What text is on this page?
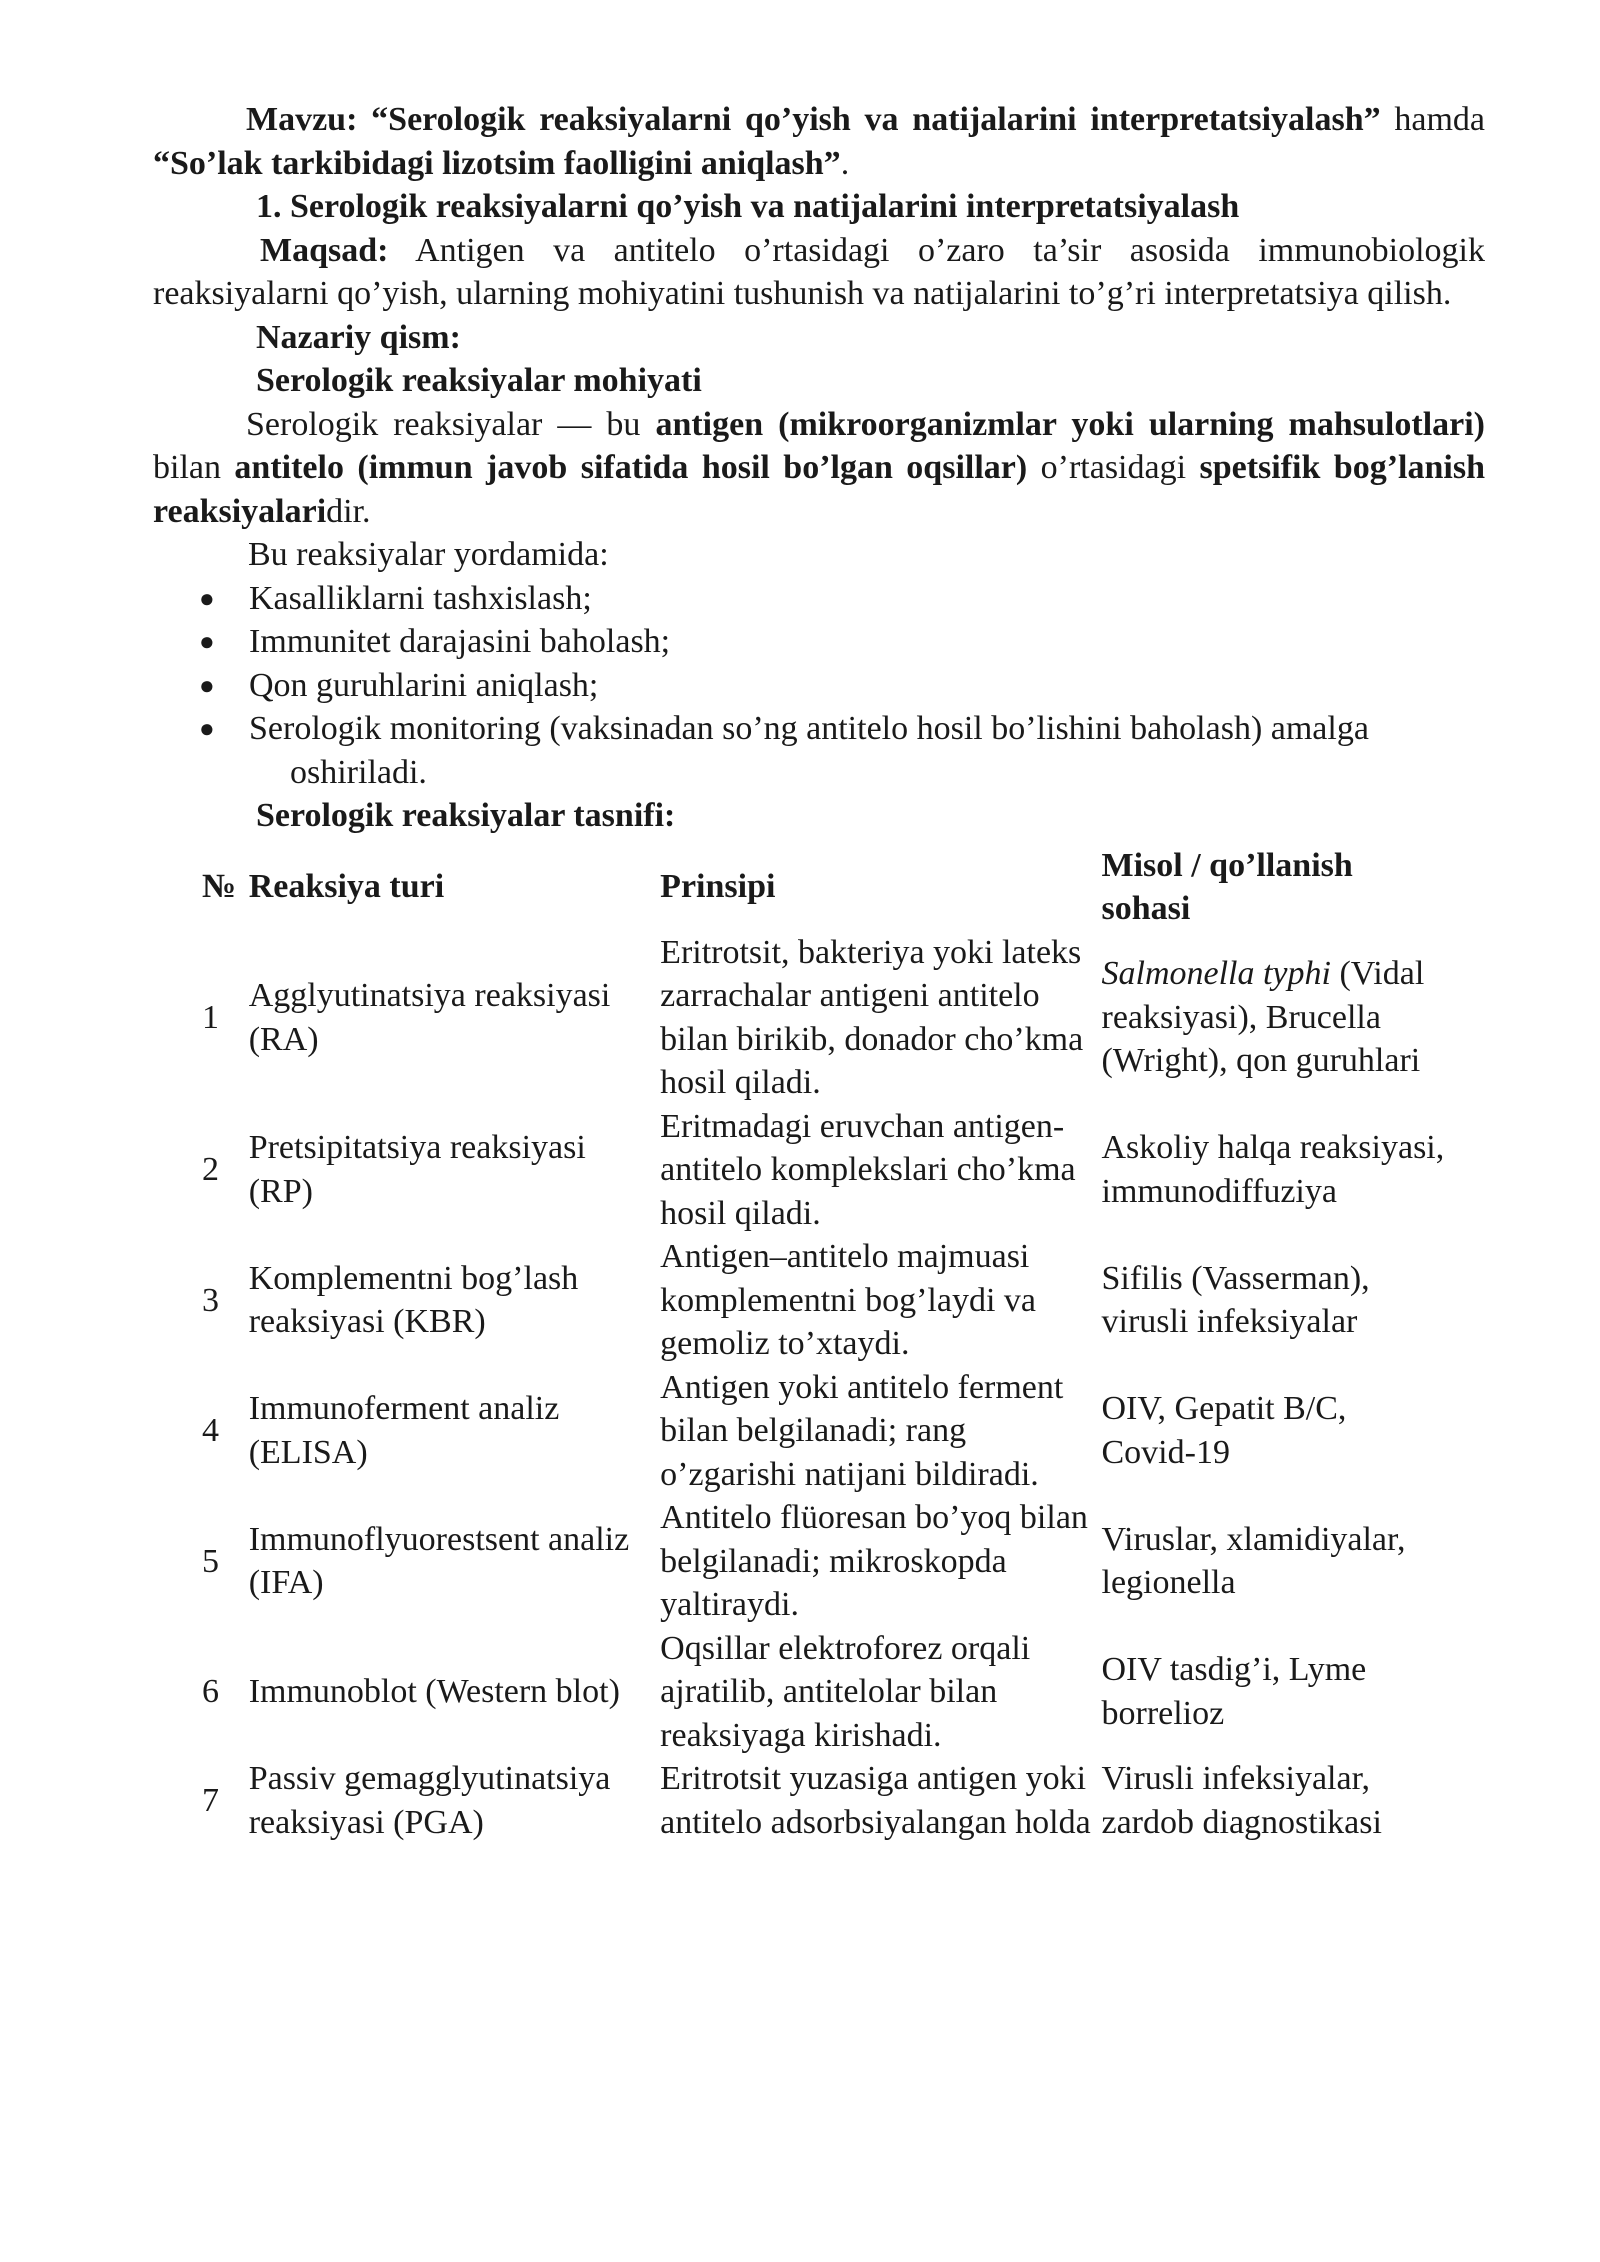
Mavzu: “Serologik reaksiyalarni qo’yish va natijalarini interpretatsiyalash” hamda “So’lak tarkibidagi lizotsim faolligini aniqlash”.

1. Serologik reaksiyalarni qo’yish va natijalarini interpretatsiyalash

Maqsad: Antigen va antitelo o’rtasidagi o’zaro ta’sir asosida immunobiologik reaksiyalarni qo’yish, ularning mohiyatini tushunish va natijalarini to’g’ri interpretatsiya qilish.

Nazariy qism:

Serologik reaksiyalar mohiyati

Serologik reaksiyalar — bu antigen (mikroorganizmlar yoki ularning mahsulotlari) bilan antitelo (immun javob sifatida hosil bo’lgan oqsillar) o’rtasidagi spetsifik bog’lanish reaksiyalaridir.

Bu reaksiyalar yordamida:

● Kasalliklarni tashxislash;
● Immunitet darajasini baholash;
● Qon guruhlarini aniqlash;
● Serologik monitoring (vaksinadan so’ng antitelo hosil bo’lishini baholash) amalga
oshiriladi.

Serologik reaksiyalar tasnifi:

№	Reaksiya turi	Prinsipi	Misol / qo’llanish sohasi
1	Agglyutinatsiya reaksiyasi (RA)	Eritrotsit, bakteriya yoki lateks zarrachalar antigeni antitelo bilan birikib, donador cho’kma hosil qiladi.	Salmonella typhi (Vidal reaksiyasi), Brucella (Wright), qon guruhlari
2	Pretsipitatsiya reaksiyasi (RP)	Eritmadagi eruvchan antigen-antitelo komplekslari cho’kma hosil qiladi.	Askoliy halqa reaksiyasi, immunodiffuziya
3	Komplementni bog’lash reaksiyasi (KBR)	Antigen–antitelo majmuasi komplementni bog’laydi va gemoliz to’xtaydi.	Sifilis (Vasserman), virusli infeksiyalar
4	Immunoferment analiz (ELISA)	Antigen yoki antitelo ferment bilan belgilanadi; rang o’zgarishi natijani bildiradi.	OIV, Gepatit B/C, Covid-19
5	Immunoflyuorestsent analiz (IFA)	Antitelo flüoresan bo’yoq bilan belgilanadi; mikroskopda yaltiraydi.	Viruslar, xlamidiyalar, legionella
6	Immunoblot (Western blot)	Oqsillar elektroforez orqali ajratilib, antitelolar bilan reaksiyaga kirishadi.	OIV tasdig’i, Lyme borrelioz
7	Passiv gemagglyutinatsiya reaksiyasi (PGA)	Eritrotsit yuzasiga antigen yoki antitelo adsorbsiyalangan holda	Virusli infeksiyalar, zardob diagnostikasi
